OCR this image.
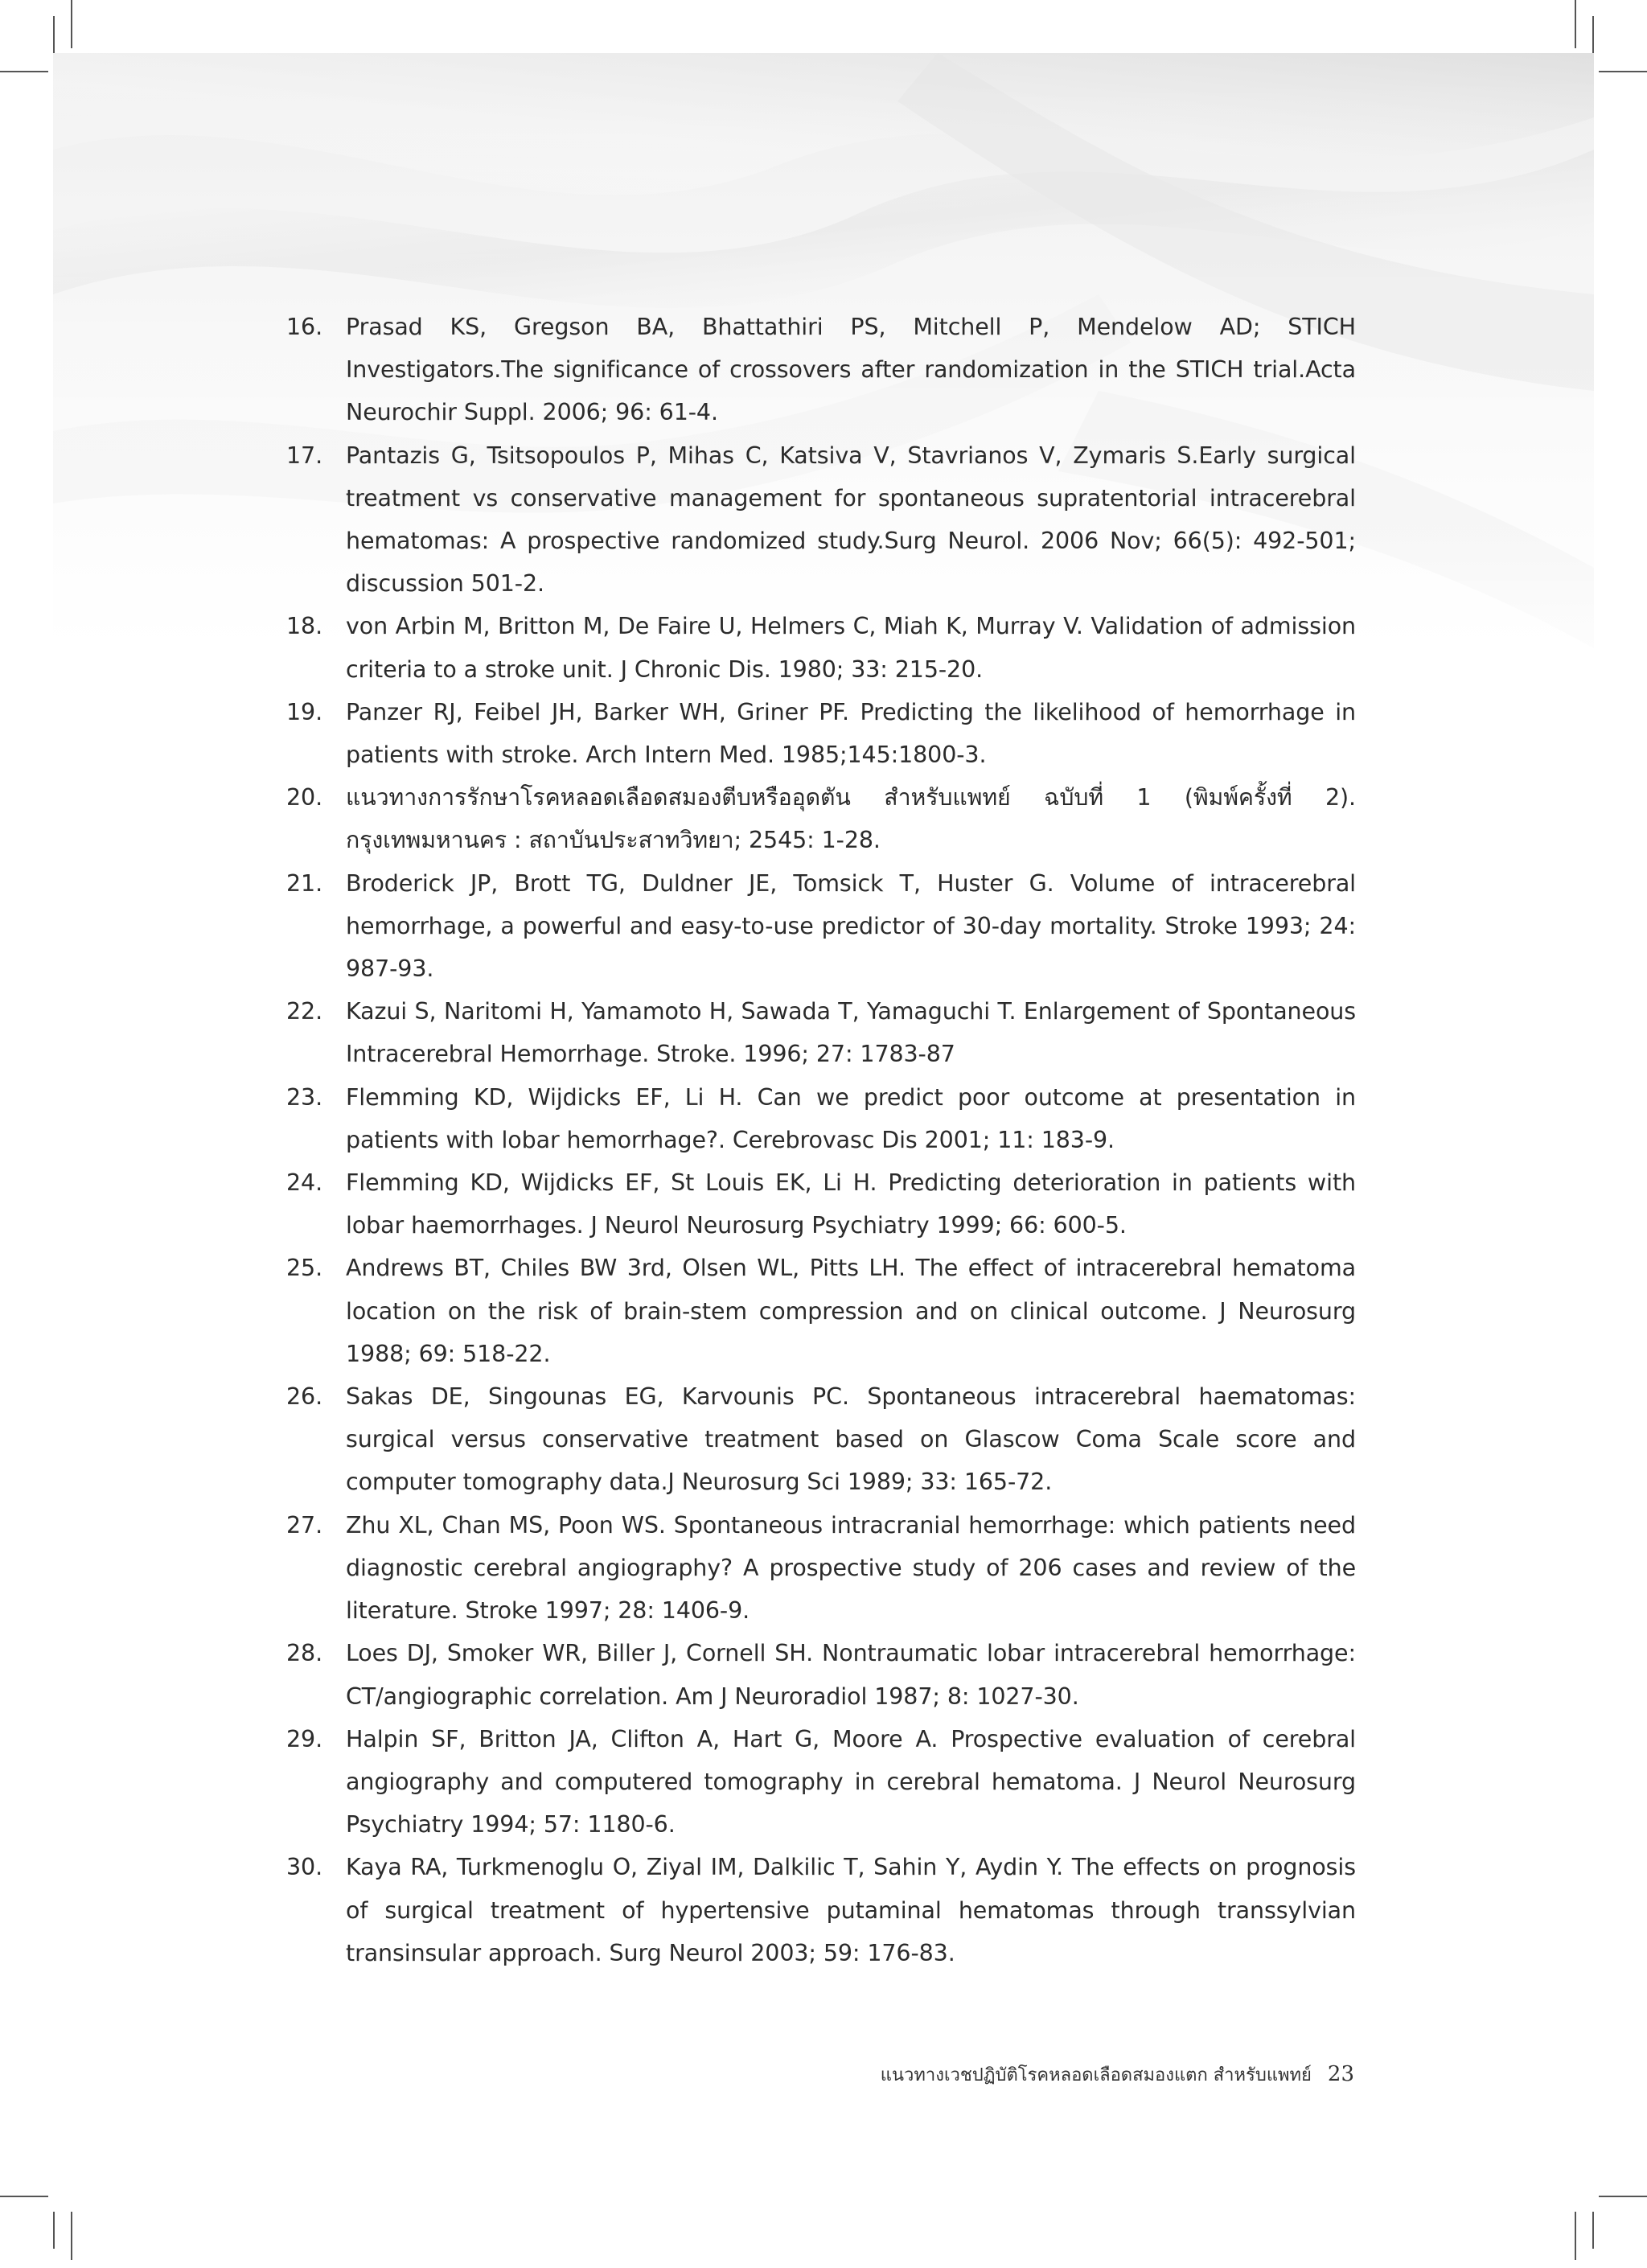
16. Prasad KS, Gregson BA, Bhattathiri PS, Mitchell P, Mendelow AD; STICH Investigators.The significance of crossovers after randomization in the STICH trial.Acta Neurochir Suppl. 2006; 96: 61-4.
17. Pantazis G, Tsitsopoulos P, Mihas C, Katsiva V, Stavrianos V, Zymaris S.Early surgical treatment vs conservative management for spontaneous supratentorial intracerebral hematomas: A prospective randomized study.Surg Neurol. 2006 Nov; 66(5): 492-501; discussion 501-2.
18. von Arbin M, Britton M, De Faire U, Helmers C, Miah K, Murray V. Validation of admission criteria to a stroke unit. J Chronic Dis. 1980; 33: 215-20.
19. Panzer RJ, Feibel JH, Barker WH, Griner PF. Predicting the likelihood of hemorrhage in patients with stroke. Arch Intern Med. 1985;145:1800-3.
20. แนวทางการรักษาโรคหลอดเลือดสมองตีบหรืออุดตัน สำหรับแพทย์ ฉบับที่ 1 (พิมพ์ครั้งที่ 2). กรุงเทพมหานคร : สถาบันประสาทวิทยา; 2545: 1-28.
21. Broderick JP, Brott TG, Duldner JE, Tomsick T, Huster G. Volume of intracerebral hemorrhage, a powerful and easy-to-use predictor of 30-day mortality. Stroke 1993; 24: 987-93.
22. Kazui S, Naritomi H, Yamamoto H, Sawada T, Yamaguchi T. Enlargement of Spontaneous Intracerebral Hemorrhage. Stroke. 1996; 27: 1783-87
23. Flemming KD, Wijdicks EF, Li H. Can we predict poor outcome at presentation in patients with lobar hemorrhage?. Cerebrovasc Dis 2001; 11: 183-9.
24. Flemming KD, Wijdicks EF, St Louis EK, Li H. Predicting deterioration in patients with lobar haemorrhages. J Neurol Neurosurg Psychiatry 1999; 66: 600-5.
25. Andrews BT, Chiles BW 3rd, Olsen WL, Pitts LH. The effect of intracerebral hematoma location on the risk of brain-stem compression and on clinical outcome. J Neurosurg 1988; 69: 518-22.
26. Sakas DE, Singounas EG, Karvounis PC. Spontaneous intracerebral haematomas: surgical versus conservative treatment based on Glascow Coma Scale score and computer tomography data.J Neurosurg Sci 1989; 33: 165-72.
27. Zhu XL, Chan MS, Poon WS. Spontaneous intracranial hemorrhage: which patients need diagnostic cerebral angiography? A prospective study of 206 cases and review of the literature. Stroke 1997; 28: 1406-9.
28. Loes DJ, Smoker WR, Biller J, Cornell SH. Nontraumatic lobar intracerebral hemorrhage: CT/angiographic correlation. Am J Neuroradiol 1987; 8: 1027-30.
29. Halpin SF, Britton JA, Clifton A, Hart G, Moore A. Prospective evaluation of cerebral angiography and computered tomography in cerebral hematoma. J Neurol Neurosurg Psychiatry 1994; 57: 1180-6.
30. Kaya RA, Turkmenoglu O, Ziyal IM, Dalkilic T, Sahin Y, Aydin Y. The effects on prognosis of surgical treatment of hypertensive putaminal hematomas through transsylvian transinsular approach. Surg Neurol 2003; 59: 176-83.
แนวทางเวชปฏิบัติโรคหลอดเลือดสมองแตก สำหรับแพทย์ 23
